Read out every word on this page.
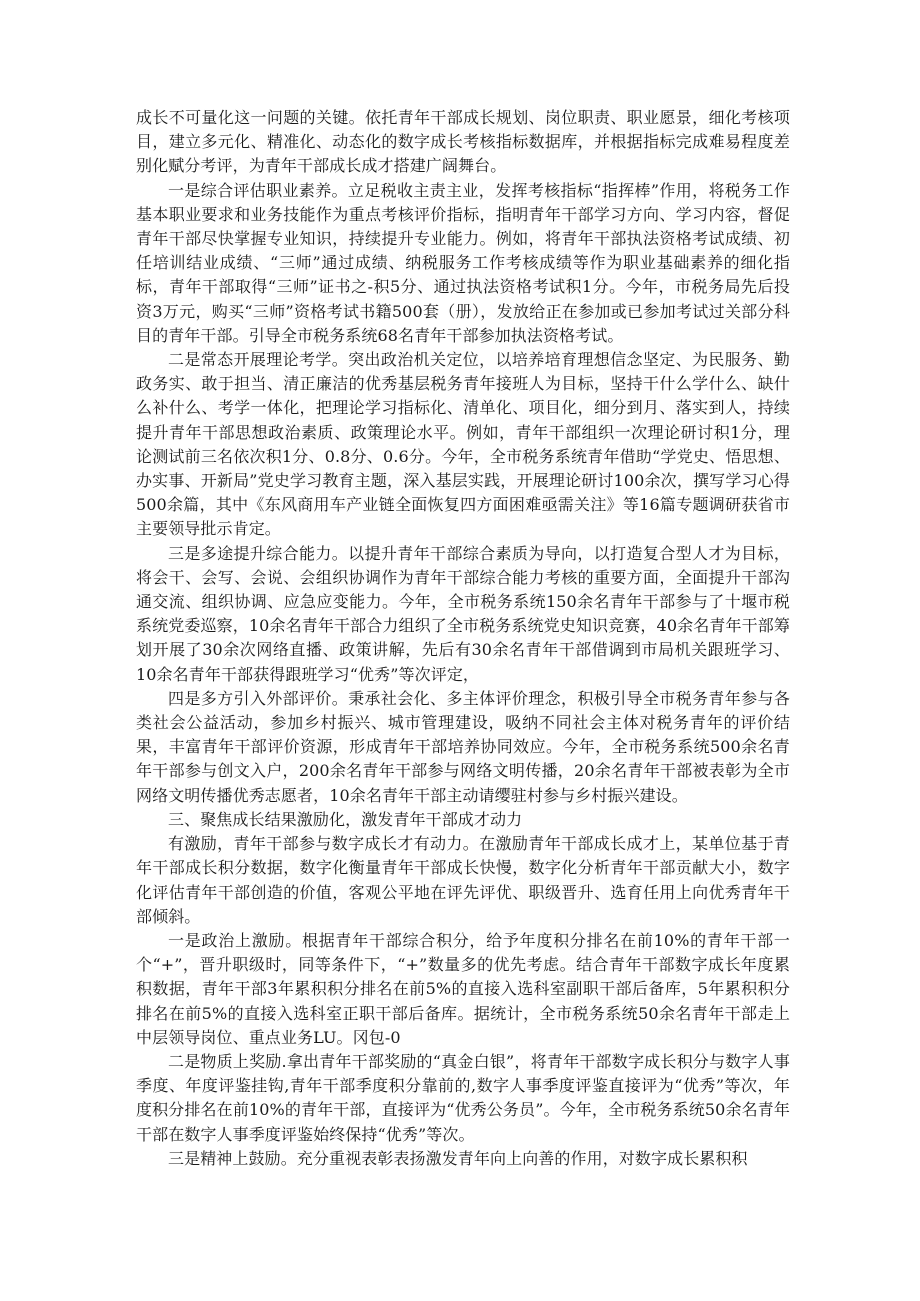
成长不可量化这一问题的关键。依托青年干部成长规划、岗位职责、职业愿景，细化考核项目，建立多元化、精准化、动态化的数字成长考核指标数据库，并根据指标完成难易程度差别化赋分考评，为青年干部成长成才搭建广阔舞台。

一是综合评估职业素养。立足税收主责主业，发挥考核指标“指挥棒”作用，将税务工作基本职业要求和业务技能作为重点考核评价指标，指明青年干部学习方向、学习内容，督促青年干部尽快掌握专业知识，持续提升专业能力。例如，将青年干部执法资格考试成绩、初任培训结业成绩、“三师”通过成绩、纳税服务工作考核成绩等作为职业基础素养的细化指标，青年干部取得“三师”证书之-积5分、通过执法资格考试积1分。今年，市税务局先后投资3万元，购买“三师”资格考试书籍500套（册），发放给正在参加或已参加考试过关部分科目的青年干部。引导全市税务系统68名青年干部参加执法资格考试。

二是常态开展理论考学。突出政治机关定位，以培养培育理想信念坚定、为民服务、勤政务实、敢于担当、清正廉洁的优秀基层税务青年接班人为目标，坚持干什么学什么、缺什么补什么、考学一体化，把理论学习指标化、清单化、项目化，细分到月、落实到人，持续提升青年干部思想政治素质、政策理论水平。例如，青年干部组织一次理论研讨积1分，理论测试前三名依次积1分、0.8分、0.6分。今年，全市税务系统青年借助“学党史、悟思想、办实事、开新局”党史学习教育主题，深入基层实践，开展理论研讨100余次，撰写学习心得500余篇，其中《东风商用车产业链全面恢复四方面困难亟需关注》等16篇专题调研获省市主要领导批示肯定。

三是多途提升综合能力。以提升青年干部综合素质为导向，以打造复合型人才为目标，将会干、会写、会说、会组织协调作为青年干部综合能力考核的重要方面，全面提升干部沟通交流、组织协调、应急应变能力。今年，全市税务系统150余名青年干部参与了十堰市税系统党委巡察，10余名青年干部合力组织了全市税务系统党史知识竞赛，40余名青年干部筹划开展了30余次网络直播、政策讲解，先后有30余名青年干部借调到市局机关跟班学习、10余名青年干部获得跟班学习“优秀”等次评定，

四是多方引入外部评价。秉承社会化、多主体评价理念，积极引导全市税务青年参与各类社会公益活动，参加乡村振兴、城市管理建设，吸纳不同社会主体对税务青年的评价结果，丰富青年干部评价资源，形成青年干部培养协同效应。今年，全市税务系统500余名青年干部参与创文入户，200余名青年干部参与网络文明传播，20余名青年干部被表彰为全市网络文明传播优秀志愿者，10余名青年干部主动请缨驻村参与乡村振兴建设。

三、聚焦成长结果激励化，激发青年干部成才动力

有激励，青年干部参与数字成长才有动力。在激励青年干部成长成才上，某单位基于青年干部成长积分数据，数字化衡量青年干部成长快慢，数字化分析青年干部贡献大小，数字化评估青年干部创造的价值，客观公平地在评先评优、职级晋升、选育任用上向优秀青年干部倾斜。

一是政治上激励。根据青年干部综合积分，给予年度积分排名在前10%的青年干部一个“+”，晋升职级时，同等条件下，“+”数量多的优先考虑。结合青年干部数字成长年度累积数据，青年干部3年累积积分排名在前5%的直接入选科室副职干部后备库，5年累积积分排名在前5%的直接入选科室正职干部后备库。据统计，全市税务系统50余名青年干部走上中层领导岗位、重点业务LU。冈包-0

二是物质上奖励.拿出青年干部奖励的“真金白银”，将青年干部数字成长积分与数字人事季度、年度评鉴挂钩,青年干部季度积分靠前的,数字人事季度评鉴直接评为“优秀”等次，年度积分排名在前10%的青年干部，直接评为“优秀公务员”。今年，全市税务系统50余名青年干部在数字人事季度评鉴始终保持“优秀”等次。

三是精神上鼓励。充分重视表彰表扬激发青年向上向善的作用，对数字成长累积积
